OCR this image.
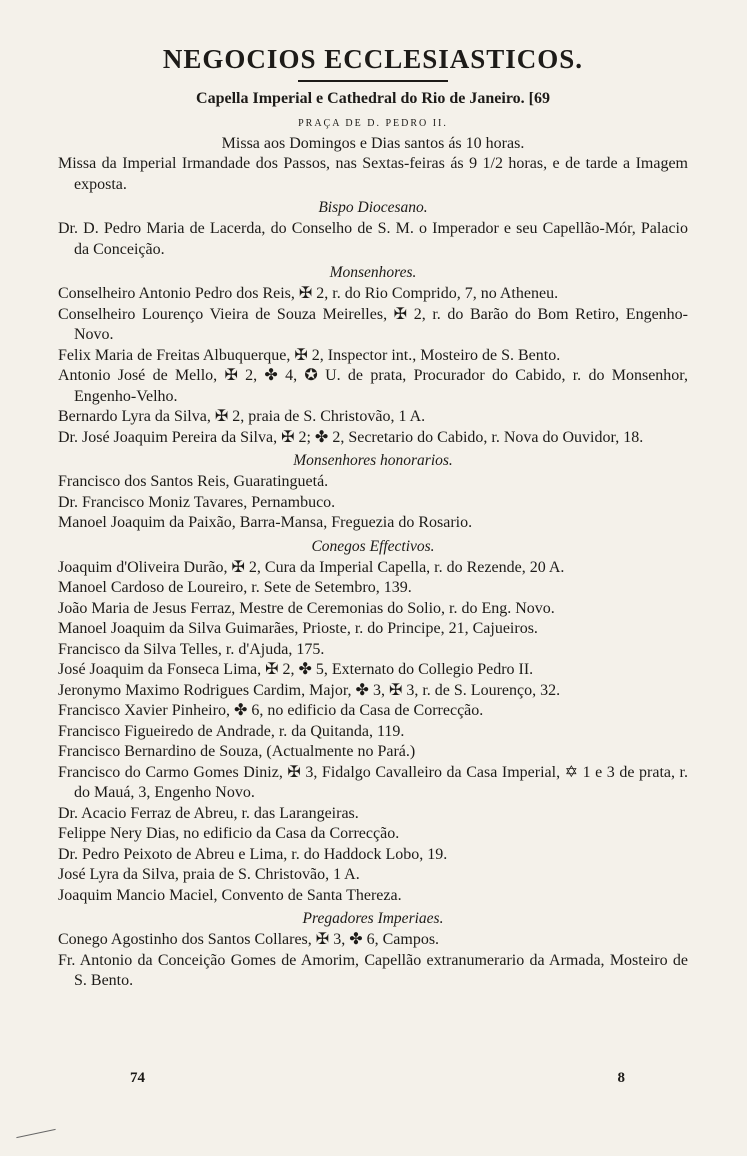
NEGOCIOS ECCLESIASTICOS.
Capella Imperial e Cathedral do Rio de Janeiro. [69
PRAÇA DE D. PEDRO II.
Missa aos Domingos e Dias santos ás 10 horas.
Missa da Imperial Irmandade dos Passos, nas Sextas-feiras ás 9 1/2 horas, e de tarde a Imagem exposta.
Bispo Diocesano.
Dr. D. Pedro Maria de Lacerda, do Conselho de S. M. o Imperador e seu Capellão-Mór, Palacio da Conceição.
Monsenhores.
Conselheiro Antonio Pedro dos Reis, ✠ 2, r. do Rio Comprido, 7, no Atheneu.
Conselheiro Lourenço Vieira de Souza Meirelles, ✠ 2, r. do Barão do Bom Retiro, Engenho-Novo.
Felix Maria de Freitas Albuquerque, ✠ 2, Inspector int., Mosteiro de S. Bento.
Antonio José de Mello, ✠ 2, ✤ 4, ✪ U. de prata, Procurador do Cabido, r. do Monsenhor, Engenho-Velho.
Bernardo Lyra da Silva, ✠ 2, praia de S. Christovão, 1 A.
Dr. José Joaquim Pereira da Silva, ✠ 2; ✤ 2, Secretario do Cabido, r. Nova do Ouvidor, 18.
Monsenhores honorarios.
Francisco dos Santos Reis, Guaratinguetá.
Dr. Francisco Moniz Tavares, Pernambuco.
Manoel Joaquim da Paixão, Barra-Mansa, Freguezia do Rosario.
Conegos Effectivos.
Joaquim d'Oliveira Durão, ✠ 2, Cura da Imperial Capella, r. do Rezende, 20 A.
Manoel Cardoso de Loureiro, r. Sete de Setembro, 139.
João Maria de Jesus Ferraz, Mestre de Ceremonias do Solio, r. do Eng. Novo.
Manoel Joaquim da Silva Guimarães, Prioste, r. do Principe, 21, Cajueiros.
Francisco da Silva Telles, r. d'Ajuda, 175.
José Joaquim da Fonseca Lima, ✠ 2, ✤ 5, Externato do Collegio Pedro II.
Jeronymo Maximo Rodrigues Cardim, Major, ✤ 3, ✠ 3, r. de S. Lourenço, 32.
Francisco Xavier Pinheiro, ✤ 6, no edificio da Casa de Correcção.
Francisco Figueiredo de Andrade, r. da Quitanda, 119.
Francisco Bernardino de Souza, (Actualmente no Pará.)
Francisco do Carmo Gomes Diniz, ✠ 3, Fidalgo Cavalleiro da Casa Imperial, ✡ 1 e 3 de prata, r. do Mauá, 3, Engenho Novo.
Dr. Acacio Ferraz de Abreu, r. das Larangeiras.
Felippe Nery Dias, no edificio da Casa da Correcção.
Dr. Pedro Peixoto de Abreu e Lima, r. do Haddock Lobo, 19.
José Lyra da Silva, praia de S. Christovão, 1 A.
Joaquim Mancio Maciel, Convento de Santa Thereza.
Pregadores Imperiaes.
Conego Agostinho dos Santos Collares, ✠ 3, ✤ 6, Campos.
Fr. Antonio da Conceição Gomes de Amorim, Capellão extranumerario da Armada, Mosteiro de S. Bento.
74	8
